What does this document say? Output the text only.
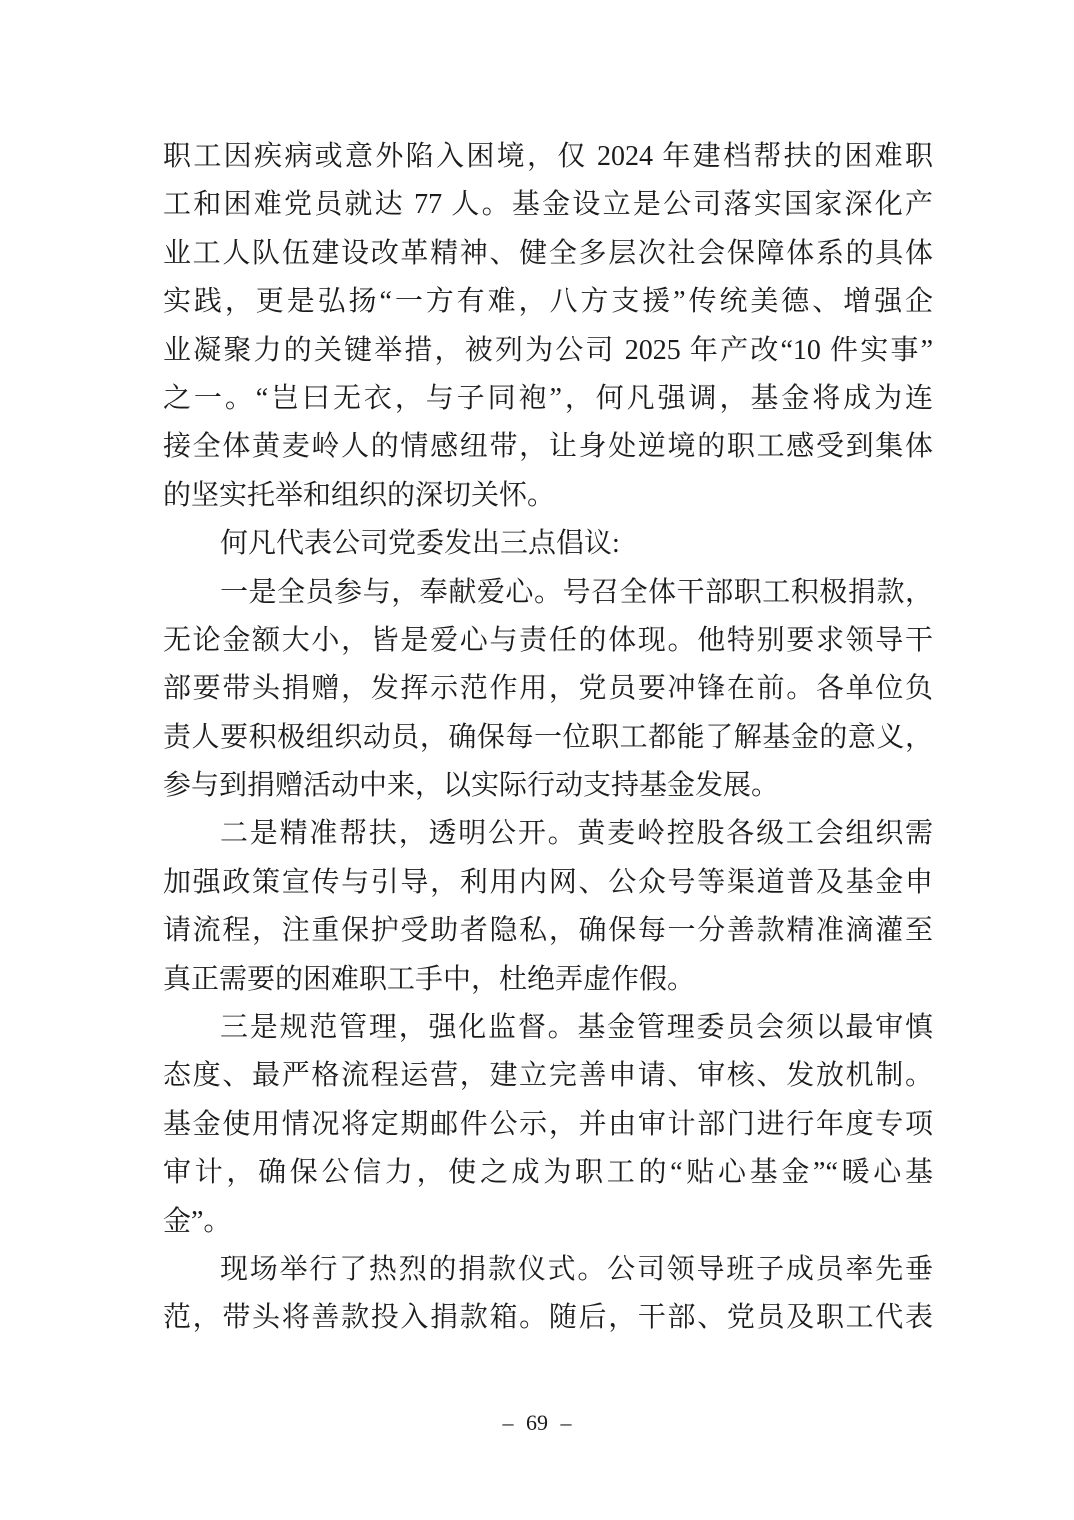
职工因疾病或意外陷入困境，仅 2024 年建档帮扶的困难职
工和困难党员就达 77 人。基金设立是公司落实国家深化产
业工人队伍建设改革精神、健全多层次社会保障体系的具体
实践，更是弘扬“一方有难，八方支援”传统美德、增强企
业凝聚力的关键举措，被列为公司 2025 年产改“10 件实事”
之一。“岂曰无衣，与子同袍”，何凡强调，基金将成为连
接全体黄麦岭人的情感纽带，让身处逆境的职工感受到集体
的坚实托举和组织的深切关怀。
何凡代表公司党委发出三点倡议:
一是全员参与，奉献爱心。号召全体干部职工积极捐款，
无论金额大小，皆是爱心与责任的体现。他特别要求领导干
部要带头捐赠，发挥示范作用，党员要冲锋在前。各单位负
责人要积极组织动员，确保每一位职工都能了解基金的意义，
参与到捐赠活动中来，以实际行动支持基金发展。
二是精准帮扶，透明公开。黄麦岭控股各级工会组织需
加强政策宣传与引导，利用内网、公众号等渠道普及基金申
请流程，注重保护受助者隐私，确保每一分善款精准滴灌至
真正需要的困难职工手中，杜绝弄虚作假。
三是规范管理，强化监督。基金管理委员会须以最审慎
态度、最严格流程运营，建立完善申请、审核、发放机制。
基金使用情况将定期邮件公示，并由审计部门进行年度专项
审计，确保公信力，使之成为职工的“贴心基金”“暖心基
金”。
现场举行了热烈的捐款仪式。公司领导班子成员率先垂
范，带头将善款投入捐款箱。随后，干部、党员及职工代表
– 69 –
